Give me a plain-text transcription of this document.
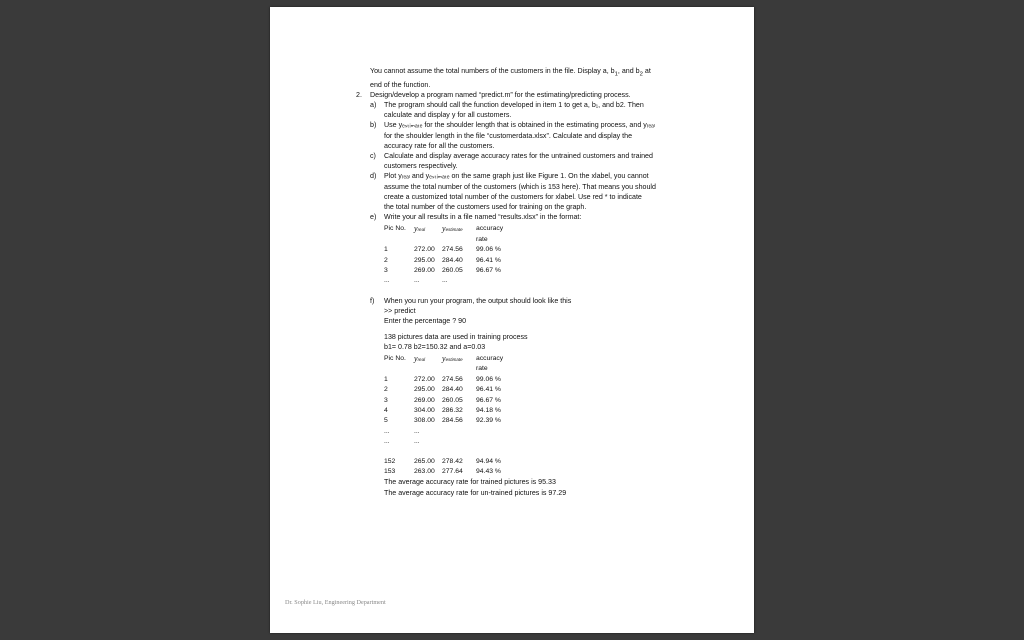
You cannot assume the total numbers of the customers in the file. Display a, $b_1$, and $b_2$ at
end of the function.

2. Design/develop a program named “predict.m” for the estimating/predicting process.

a) The program should call the function developed in item 1 to get a, b₁, and b2. Then
calculate and display y for all customers.
b) Use yₑₛₜᵢₘₐₜₑ for the shoulder length that is obtained in the estimating process, and yᵣₑₐₗ
for the shoulder length in the file “customerdata.xlsx”. Calculate and display the
accuracy rate for all the customers.
c) Calculate and display average accuracy rates for the untrained customers and trained
customers respectively.
d) Plot yᵣₑₐₗ and yₑₛₜᵢₘₐₜₑ on the same graph just like Figure 1. On the xlabel, you cannot
assume the total number of the customers (which is 153 here). That means you should
create a customized total number of the customers for xlabel. Use red * to indicate
the total number of the customers used for training on the graph.
e) Write your all results in a file named “results.xlsx” in the format:
Pic No.	yreal	yestimate	accuracy rate
1	272.00	274.56	99.06 %
2	295.00	284.40	96.41 %
3	269.00	260.05	96.67 %
...	...	...
f) When you run your program, the output should look like this
>> predict
Enter the percentage ? 90
138 pictures data are used in training process
b1= 0.78 b2=150.32 and a=0.03
Pic No.	yreal	yestimate	accuracy rate
1	272.00	274.56	99.06 %
2	295.00	284.40	96.41 %
3	269.00	260.05	96.67 %
4	304.00	286.32	94.18 %
5	308.00	284.56	92.39 %
...	...
...	...
152	265.00	278.42	94.94 %
153	263.00	277.64	94.43 %
The average accuracy rate for trained pictures is 95.33
The average accuracy rate for un-trained pictures is 97.29
Dr. Sophie Liu, Engineering Department
